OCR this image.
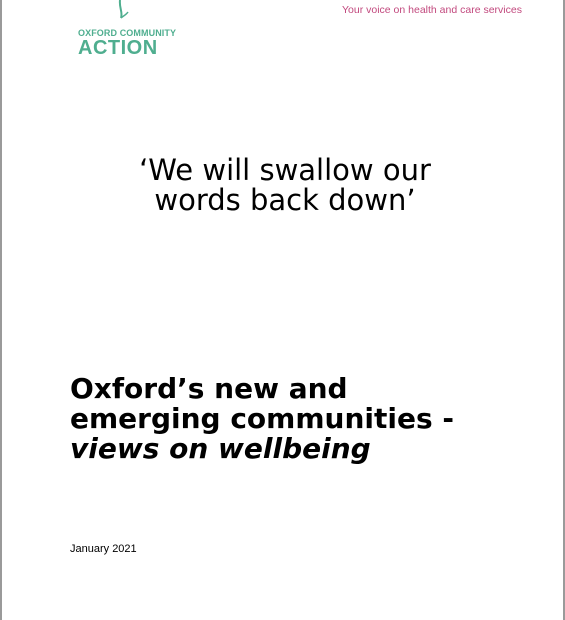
OXFORD COMMUNITY
ACTION
Your voice on health and care services
‘We will swallow our
words back down’
Oxford’s new and
emerging communities -
views on wellbeing
January 2021
